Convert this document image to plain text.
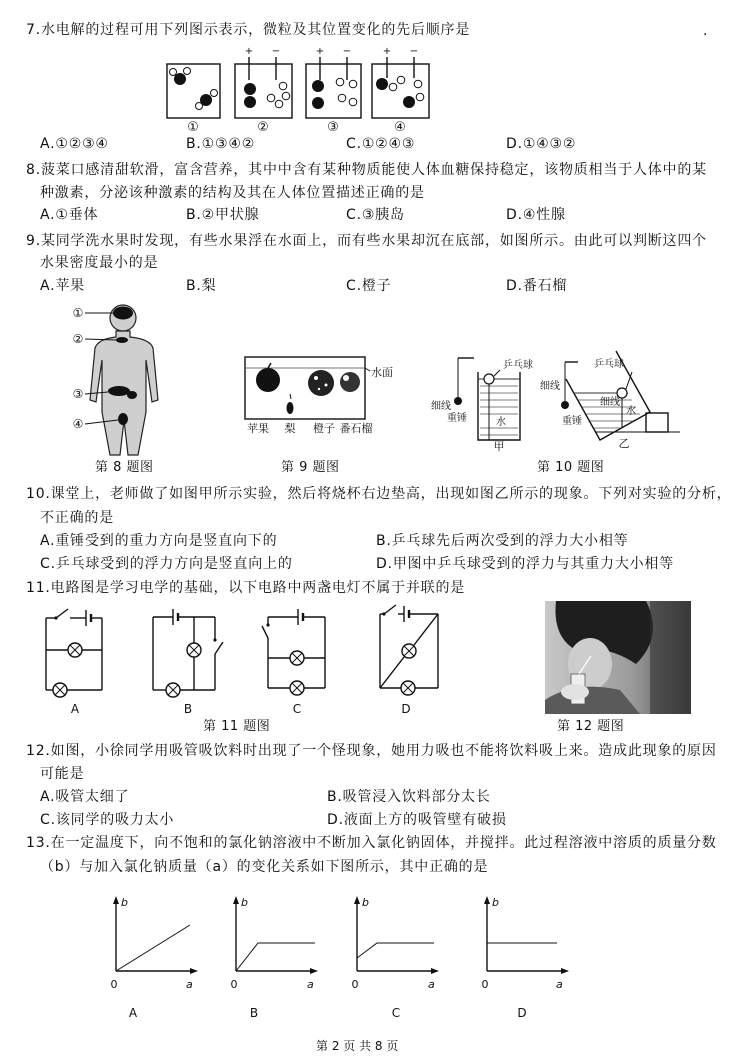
7.水电解的过程可用下列图示表示，微粒及其位置变化的先后顺序是	.
+ −	+ −	+ −
①	②	③	④
A.①②③④	B.①③④②	C.①②④③	D.①④③②
8.菠菜口感清甜软滑，富含营养，其中中含有某种物质能使人体血糖保持稳定，该物质相当于人体中的某
种激素，分泌该种激素的结构及其在人体位置描述正确的是
A.①垂体	B.②甲状腺	C.③胰岛	D.④性腺
9.某同学洗水果时发现，有些水果浮在水面上，而有些水果却沉在底部，如图所示。由此可以判断这四个
水果密度最小的是
A.苹果	B.梨	C.橙子	D.番石榴
①
②
③
④
水面
苹果 梨 橙子 番石榴
乒乓球
细线
重锤	水
甲
乒乓球
细线
细线
水
重锤
乙
第 8 题图	第 9 题图	第 10 题图
10.课堂上，老师做了如图甲所示实验，然后将烧杯右边垫高，出现如图乙所示的现象。下列对实验的分析，
不正确的是
A.重锤受到的重力方向是竖直向下的	B.乒乓球先后两次受到的浮力大小相等
C.乒乓球受到的浮力方向是竖直向上的	D.甲图中乒乓球受到的浮力与其重力大小相等
11.电路图是学习电学的基础，以下电路中两盏电灯不属于并联的是
A	B	C	D
第 11 题图	第 12 题图
12.如图，小徐同学用吸管吸饮料时出现了一个怪现象，她用力吸也不能将饮料吸上来。造成此现象的原因
可能是
A.吸管太细了	B.吸管浸入饮料部分太长
C.该同学的吸力太小	D.液面上方的吸管壁有破损
13.在一定温度下，向不饱和的氯化钠溶液中不断加入氯化钠固体，并搅拌。此过程溶液中溶质的质量分数
（b）与加入氯化钠质量（a）的变化关系如下图所示，其中正确的是
b
0	a
A
b
0	a
B
b
0	a
C
b
0	a
D
第 2 页 共 8 页
